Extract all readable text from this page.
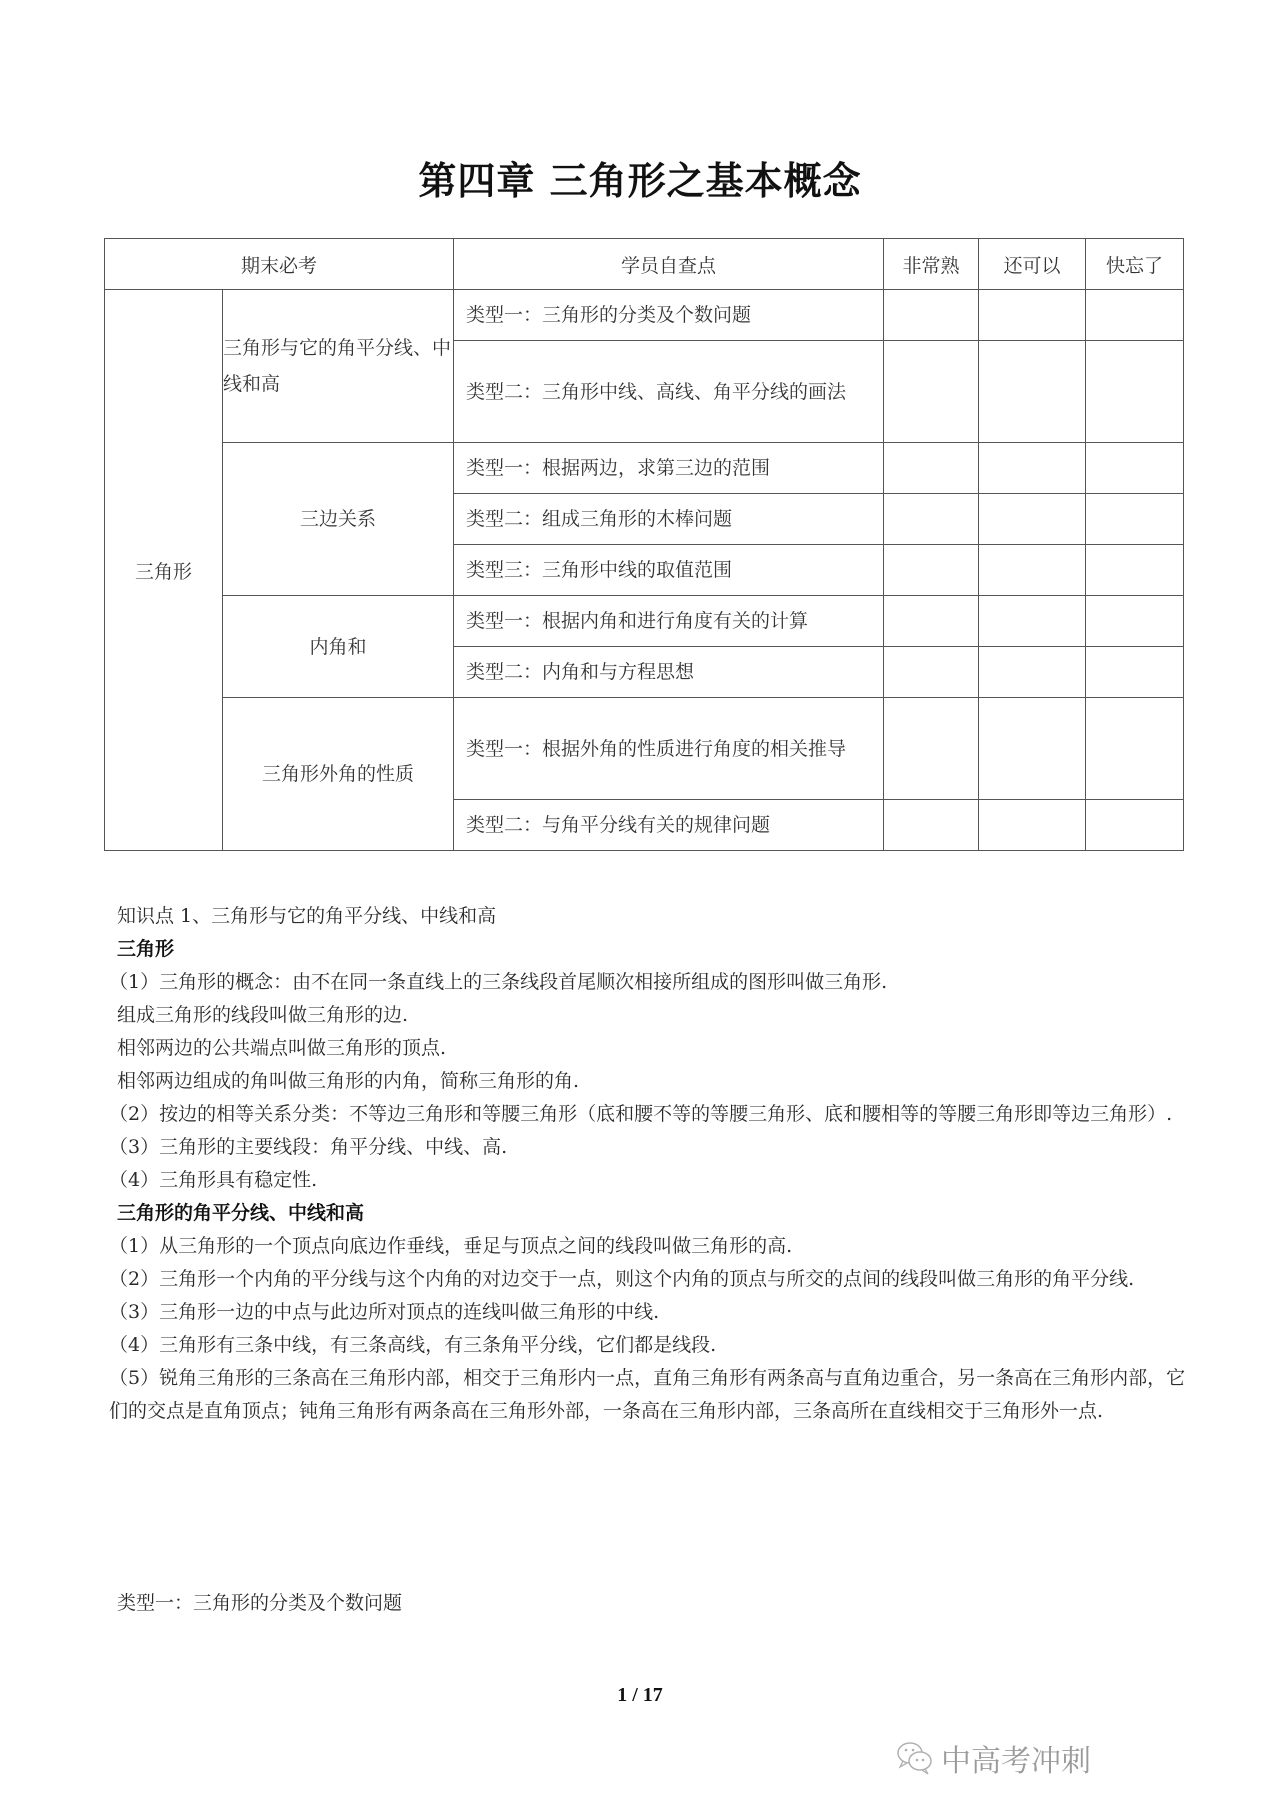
第四章 三角形之基本概念
期末必考		学员自查点	非常熟	还可以	快忘了
三角形	三角形与它的角平分线、中线和高	类型一：三角形的分类及个数问题			
		类型二：三角形中线、高线、角平分线的画法			
	三边关系	类型一：根据两边，求第三边的范围			
		类型二：组成三角形的木棒问题			
		类型三：三角形中线的取值范围			
	内角和	类型一：根据内角和进行角度有关的计算			
		类型二：内角和与方程思想			
	三角形外角的性质	类型一：根据外角的性质进行角度的相关推导			
		类型二：与角平分线有关的规律问题			

知识点 1、三角形与它的角平分线、中线和高

三角形

（1）三角形的概念：由不在同一条直线上的三条线段首尾顺次相接所组成的图形叫做三角形.

组成三角形的线段叫做三角形的边.

相邻两边的公共端点叫做三角形的顶点.

相邻两边组成的角叫做三角形的内角，简称三角形的角.

（2）按边的相等关系分类：不等边三角形和等腰三角形（底和腰不等的等腰三角形、底和腰相等的等腰三角形即等边三角形）.

（3）三角形的主要线段：角平分线、中线、高.

（4）三角形具有稳定性.

三角形的角平分线、中线和高

（1）从三角形的一个顶点向底边作垂线，垂足与顶点之间的线段叫做三角形的高.

（2）三角形一个内角的平分线与这个内角的对边交于一点，则这个内角的顶点与所交的点间的线段叫做三角形的角平分线.

（3）三角形一边的中点与此边所对顶点的连线叫做三角形的中线.

（4）三角形有三条中线，有三条高线，有三条角平分线，它们都是线段.

（5）锐角三角形的三条高在三角形内部，相交于三角形内一点，直角三角形有两条高与直角边重合，另一条高在三角形内部，它们的交点是直角顶点；钝角三角形有两条高在三角形外部，一条高在三角形内部，三条高所在直线相交于三角形外一点.

类型一：三角形的分类及个数问题
1 / 17
中高考冲刺
